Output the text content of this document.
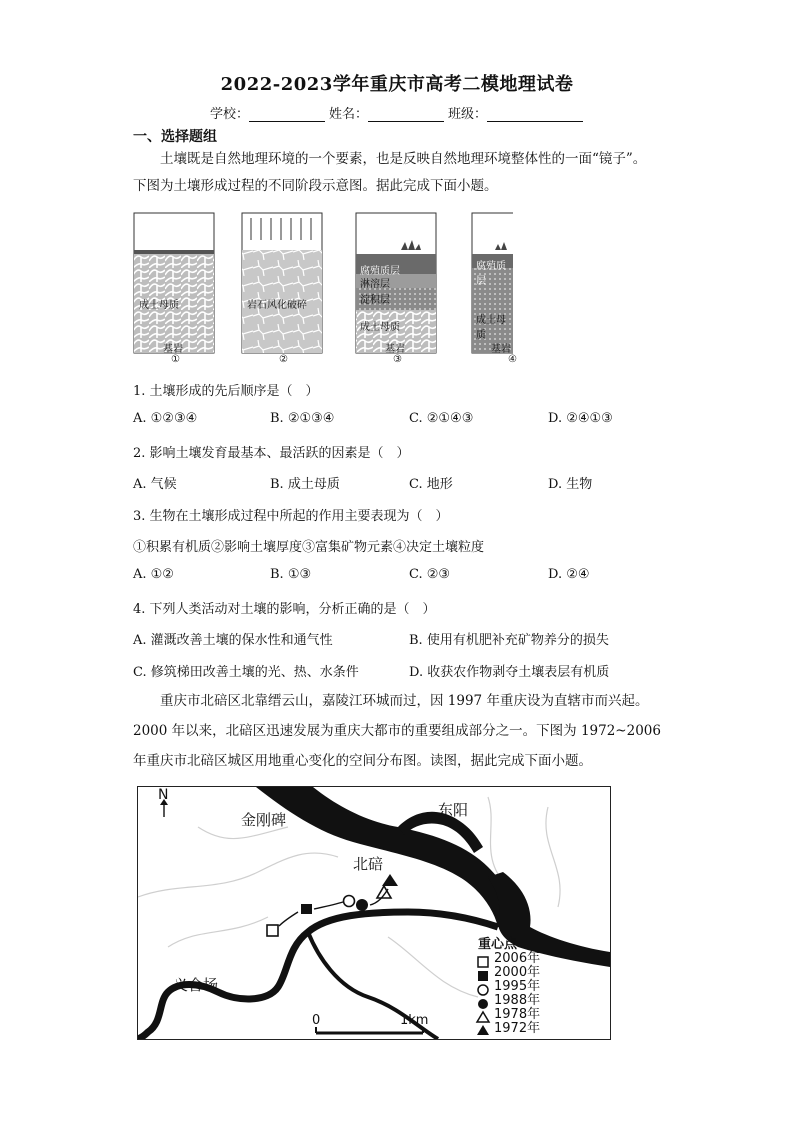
2022-2023学年重庆市高考二模地理试卷
学校：	姓名：	班级：
一、选择题组
土壤既是自然地理环境的一个要素，也是反映自然地理环境整体性的一面“镜子”。
下图为土壤形成过程的不同阶段示意图。据此完成下面小题。
成土母质
基岩
①
岩石风化破碎
②
腐殖质层
淋溶层
淀积层
成土母质
基岩
③
腐殖质层
成土母质
基岩
④
1. 土壤形成的先后顺序是（　）
A. ①②③④	B. ②①③④	C. ②①④③	D. ②④①③
2. 影响土壤发育最基本、最活跃的因素是（　）
A. 气候	B. 成土母质	C. 地形	D. 生物
3. 生物在土壤形成过程中所起的作用主要表现为（　）
①积累有机质②影响土壤厚度③富集矿物元素④决定土壤粒度
A. ①②	B. ①③	C. ②③	D. ②④
4. 下列人类活动对土壤的影响，分析正确的是（　）
A. 灌溉改善土壤的保水性和通气性	B. 使用有机肥补充矿物养分的损失
C. 修筑梯田改善土壤的光、热、水条件	D. 收获农作物剥夺土壤表层有机质
重庆市北碚区北靠缙云山，嘉陵江环城而过，因 1997 年重庆设为直辖市而兴起。
2000 年以来，北碚区迅速发展为重庆大都市的重要组成部分之一。下图为 1972~2006
年重庆市北碚区城区用地重心变化的空间分布图。读图，据此完成下面小题。
N
金刚碑
东阳
北碚
义合场
重心点
2006年
2000年
1995年
1988年
1978年
1972年
0	1km
